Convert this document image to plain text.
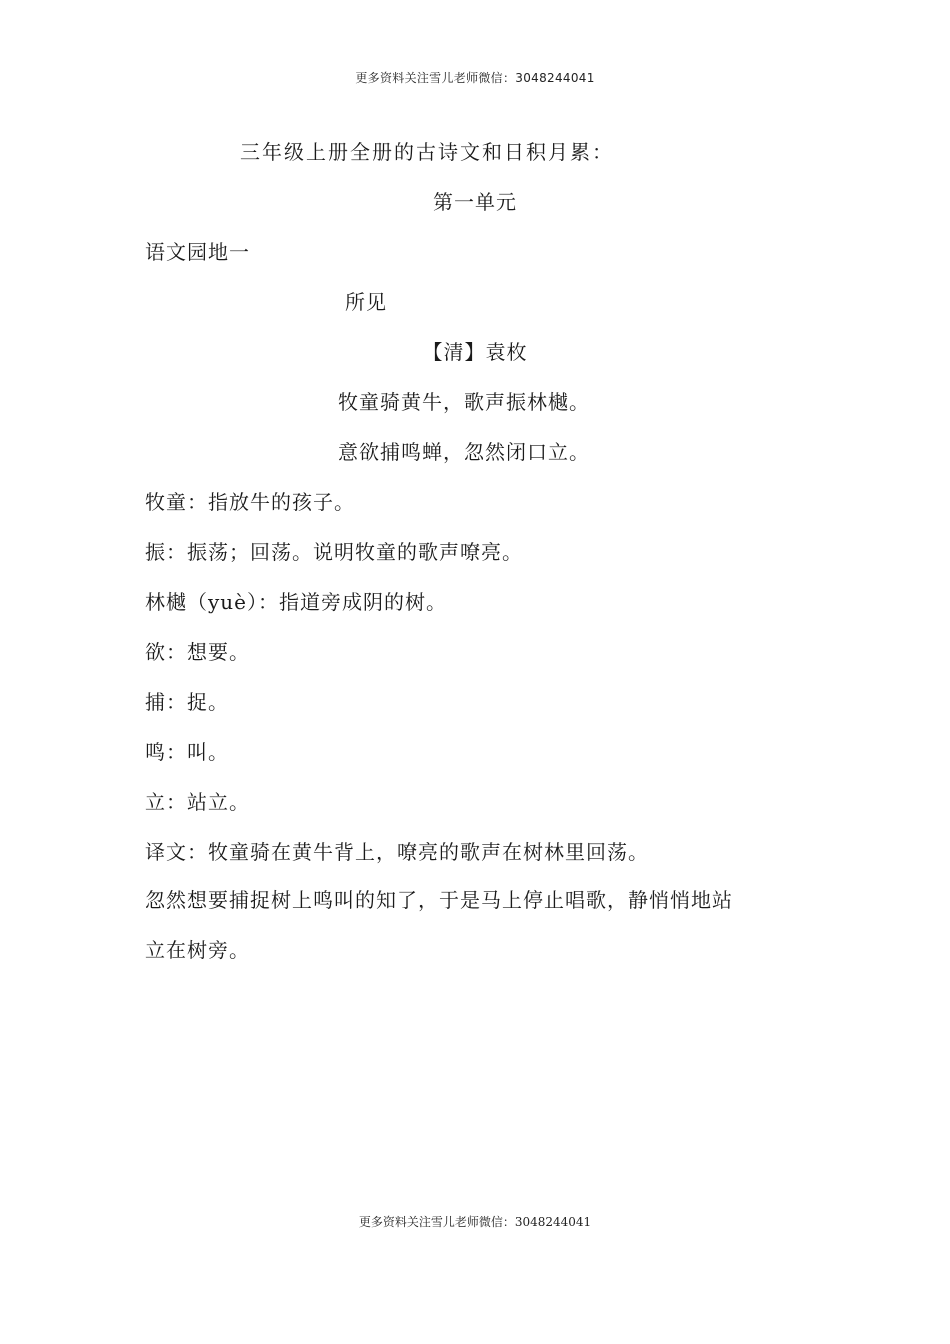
更多资料关注雪儿老师微信：3048244041
三年级上册全册的古诗文和日积月累：
第一单元
语文园地一
所见
【清】袁枚
牧童骑黄牛，歌声振林樾。
意欲捕鸣蝉，忽然闭口立。
牧童：指放牛的孩子。
振：振荡；回荡。说明牧童的歌声嘹亮。
林樾（yuè）：指道旁成阴的树。
欲：想要。
捕：捉。
鸣：叫。
立：站立。
译文：牧童骑在黄牛背上，嘹亮的歌声在树林里回荡。
忽然想要捕捉树上鸣叫的知了，于是马上停止唱歌，静悄悄地站
立在树旁。
更多资料关注雪儿老师微信：3048244041
